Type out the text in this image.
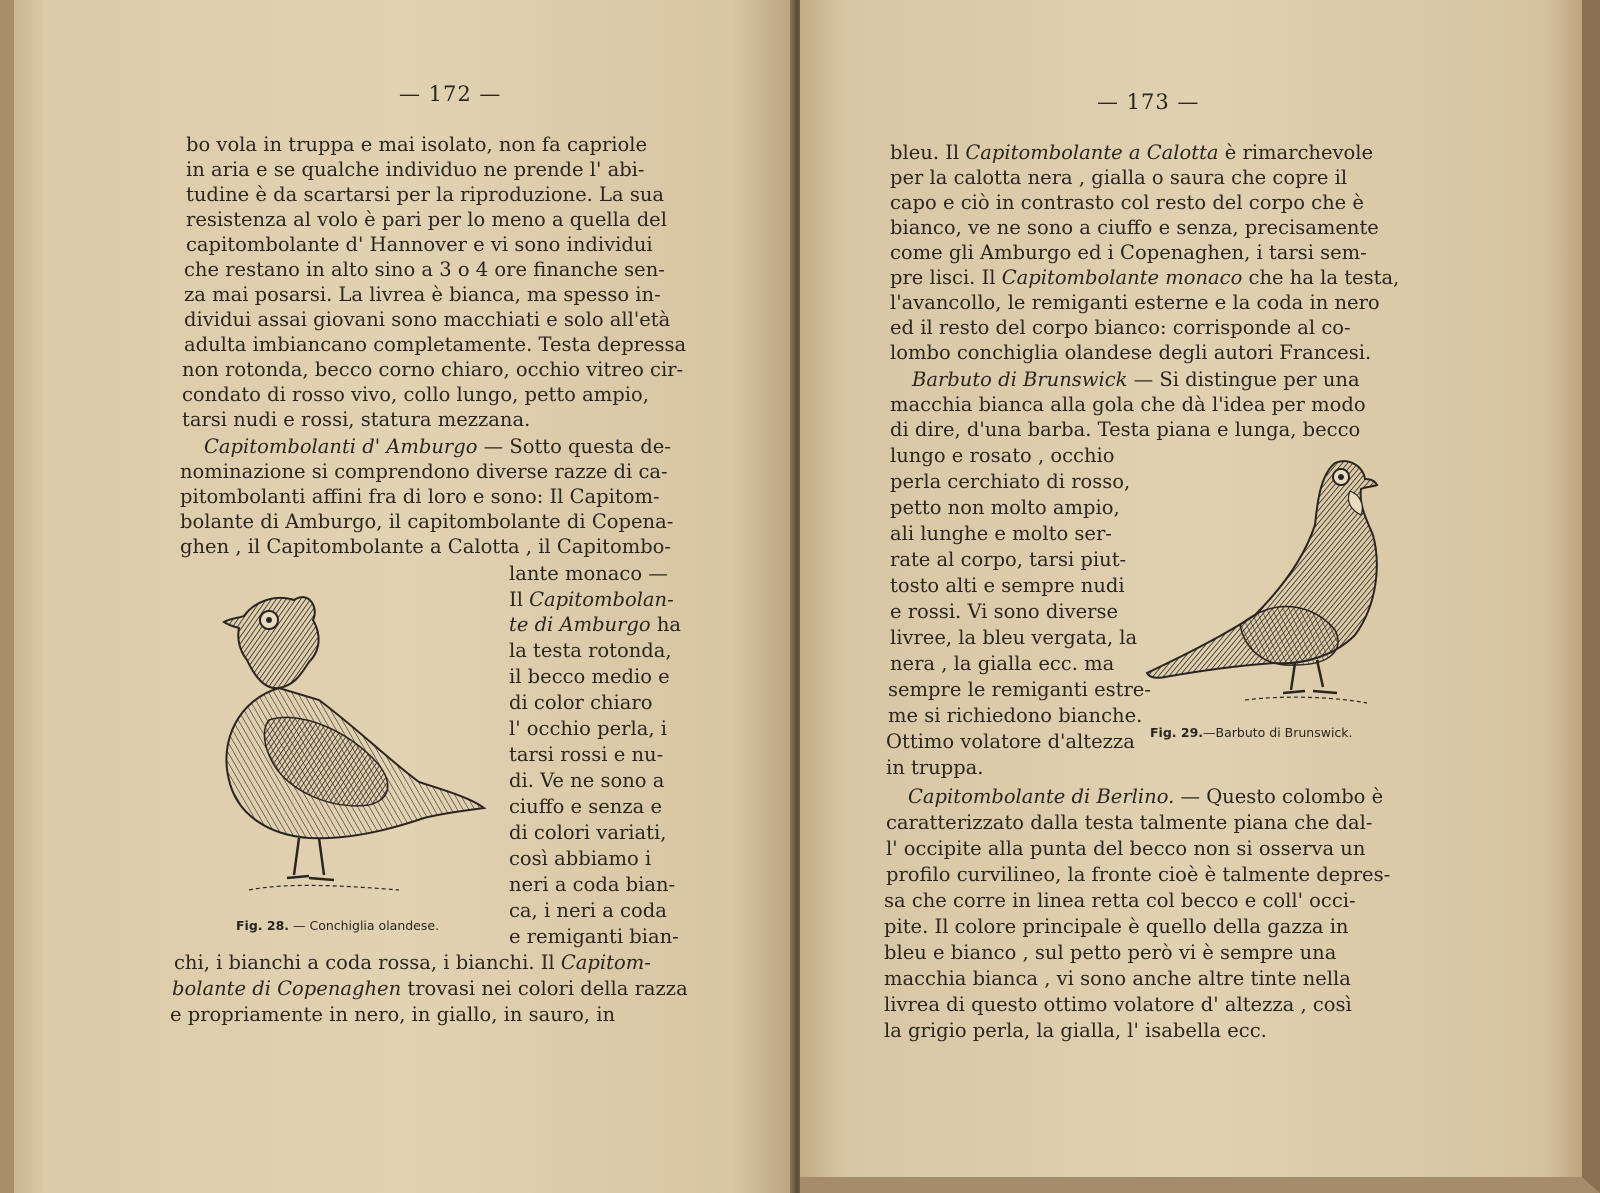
— 172 —
bo vola in truppa e mai isolato, non fa capriole
in aria e se qualche individuo ne prende l' abi-
tudine è da scartarsi per la riproduzione. La sua
resistenza al volo è pari per lo meno a quella del
capitombolante d' Hannover e vi sono individui
che restano in alto sino a 3 o 4 ore finanche sen-
za mai posarsi. La livrea è bianca, ma spesso in-
dividui assai giovani sono macchiati e solo all'età
adulta imbiancano completamente. Testa depressa
non rotonda, becco corno chiaro, occhio vitreo cir-
condato di rosso vivo, collo lungo, petto ampio,
tarsi nudi e rossi, statura mezzana.
Capitombolanti d' Amburgo — Sotto questa de-
nominazione si comprendono diverse razze di ca-
pitombolanti affini fra di loro e sono: Il Capitom-
bolante di Amburgo, il capitombolante di Copena-
ghen , il Capitombolante a Calotta , il Capitombo-
lante monaco —
Il Capitombolan-
te di Amburgo ha
la testa rotonda,
il becco medio e
di color chiaro
l' occhio perla, i
tarsi rossi e nu-
di. Ve ne sono a
ciuffo e senza e
di colori variati,
così abbiamo i
neri a coda bian-
ca, i neri a coda
e remiganti bian-
chi, i bianchi a coda rossa, i bianchi. Il Capitom-
bolante di Copenaghen trovasi nei colori della razza
e propriamente in nero, in giallo, in sauro, in
Fig. 28. — Conchiglia olandese.
— 173 —
bleu. Il Capitombolante a Calotta è rimarchevole
per la calotta nera , gialla o saura che copre il
capo e ciò in contrasto col resto del corpo che è
bianco, ve ne sono a ciuffo e senza, precisamente
come gli Amburgo ed i Copenaghen, i tarsi sem-
pre lisci. Il Capitombolante monaco che ha la testa,
l'avancollo, le remiganti esterne e la coda in nero
ed il resto del corpo bianco: corrisponde al co-
lombo conchiglia olandese degli autori Francesi.
Barbuto di Brunswick — Si distingue per una
macchia bianca alla gola che dà l'idea per modo
di dire, d'una barba. Testa piana e lunga, becco
lungo e rosato , occhio
perla cerchiato di rosso,
petto non molto ampio,
ali lunghe e molto ser-
rate al corpo, tarsi piut-
tosto alti e sempre nudi
e rossi. Vi sono diverse
livree, la bleu vergata, la
nera , la gialla ecc. ma
sempre le remiganti estre-
me si richiedono bianche.
Ottimo volatore d'altezza
in truppa.
Capitombolante di Berlino. — Questo colombo è
caratterizzato dalla testa talmente piana che dal-
l' occipite alla punta del becco non si osserva un
profilo curvilineo, la fronte cioè è talmente depres-
sa che corre in linea retta col becco e coll' occi-
pite. Il colore principale è quello della gazza in
bleu e bianco , sul petto però vi è sempre una
macchia bianca , vi sono anche altre tinte nella
livrea di questo ottimo volatore d' altezza , così
la grigio perla, la gialla, l' isabella ecc.
Fig. 29.—Barbuto di Brunswick.
